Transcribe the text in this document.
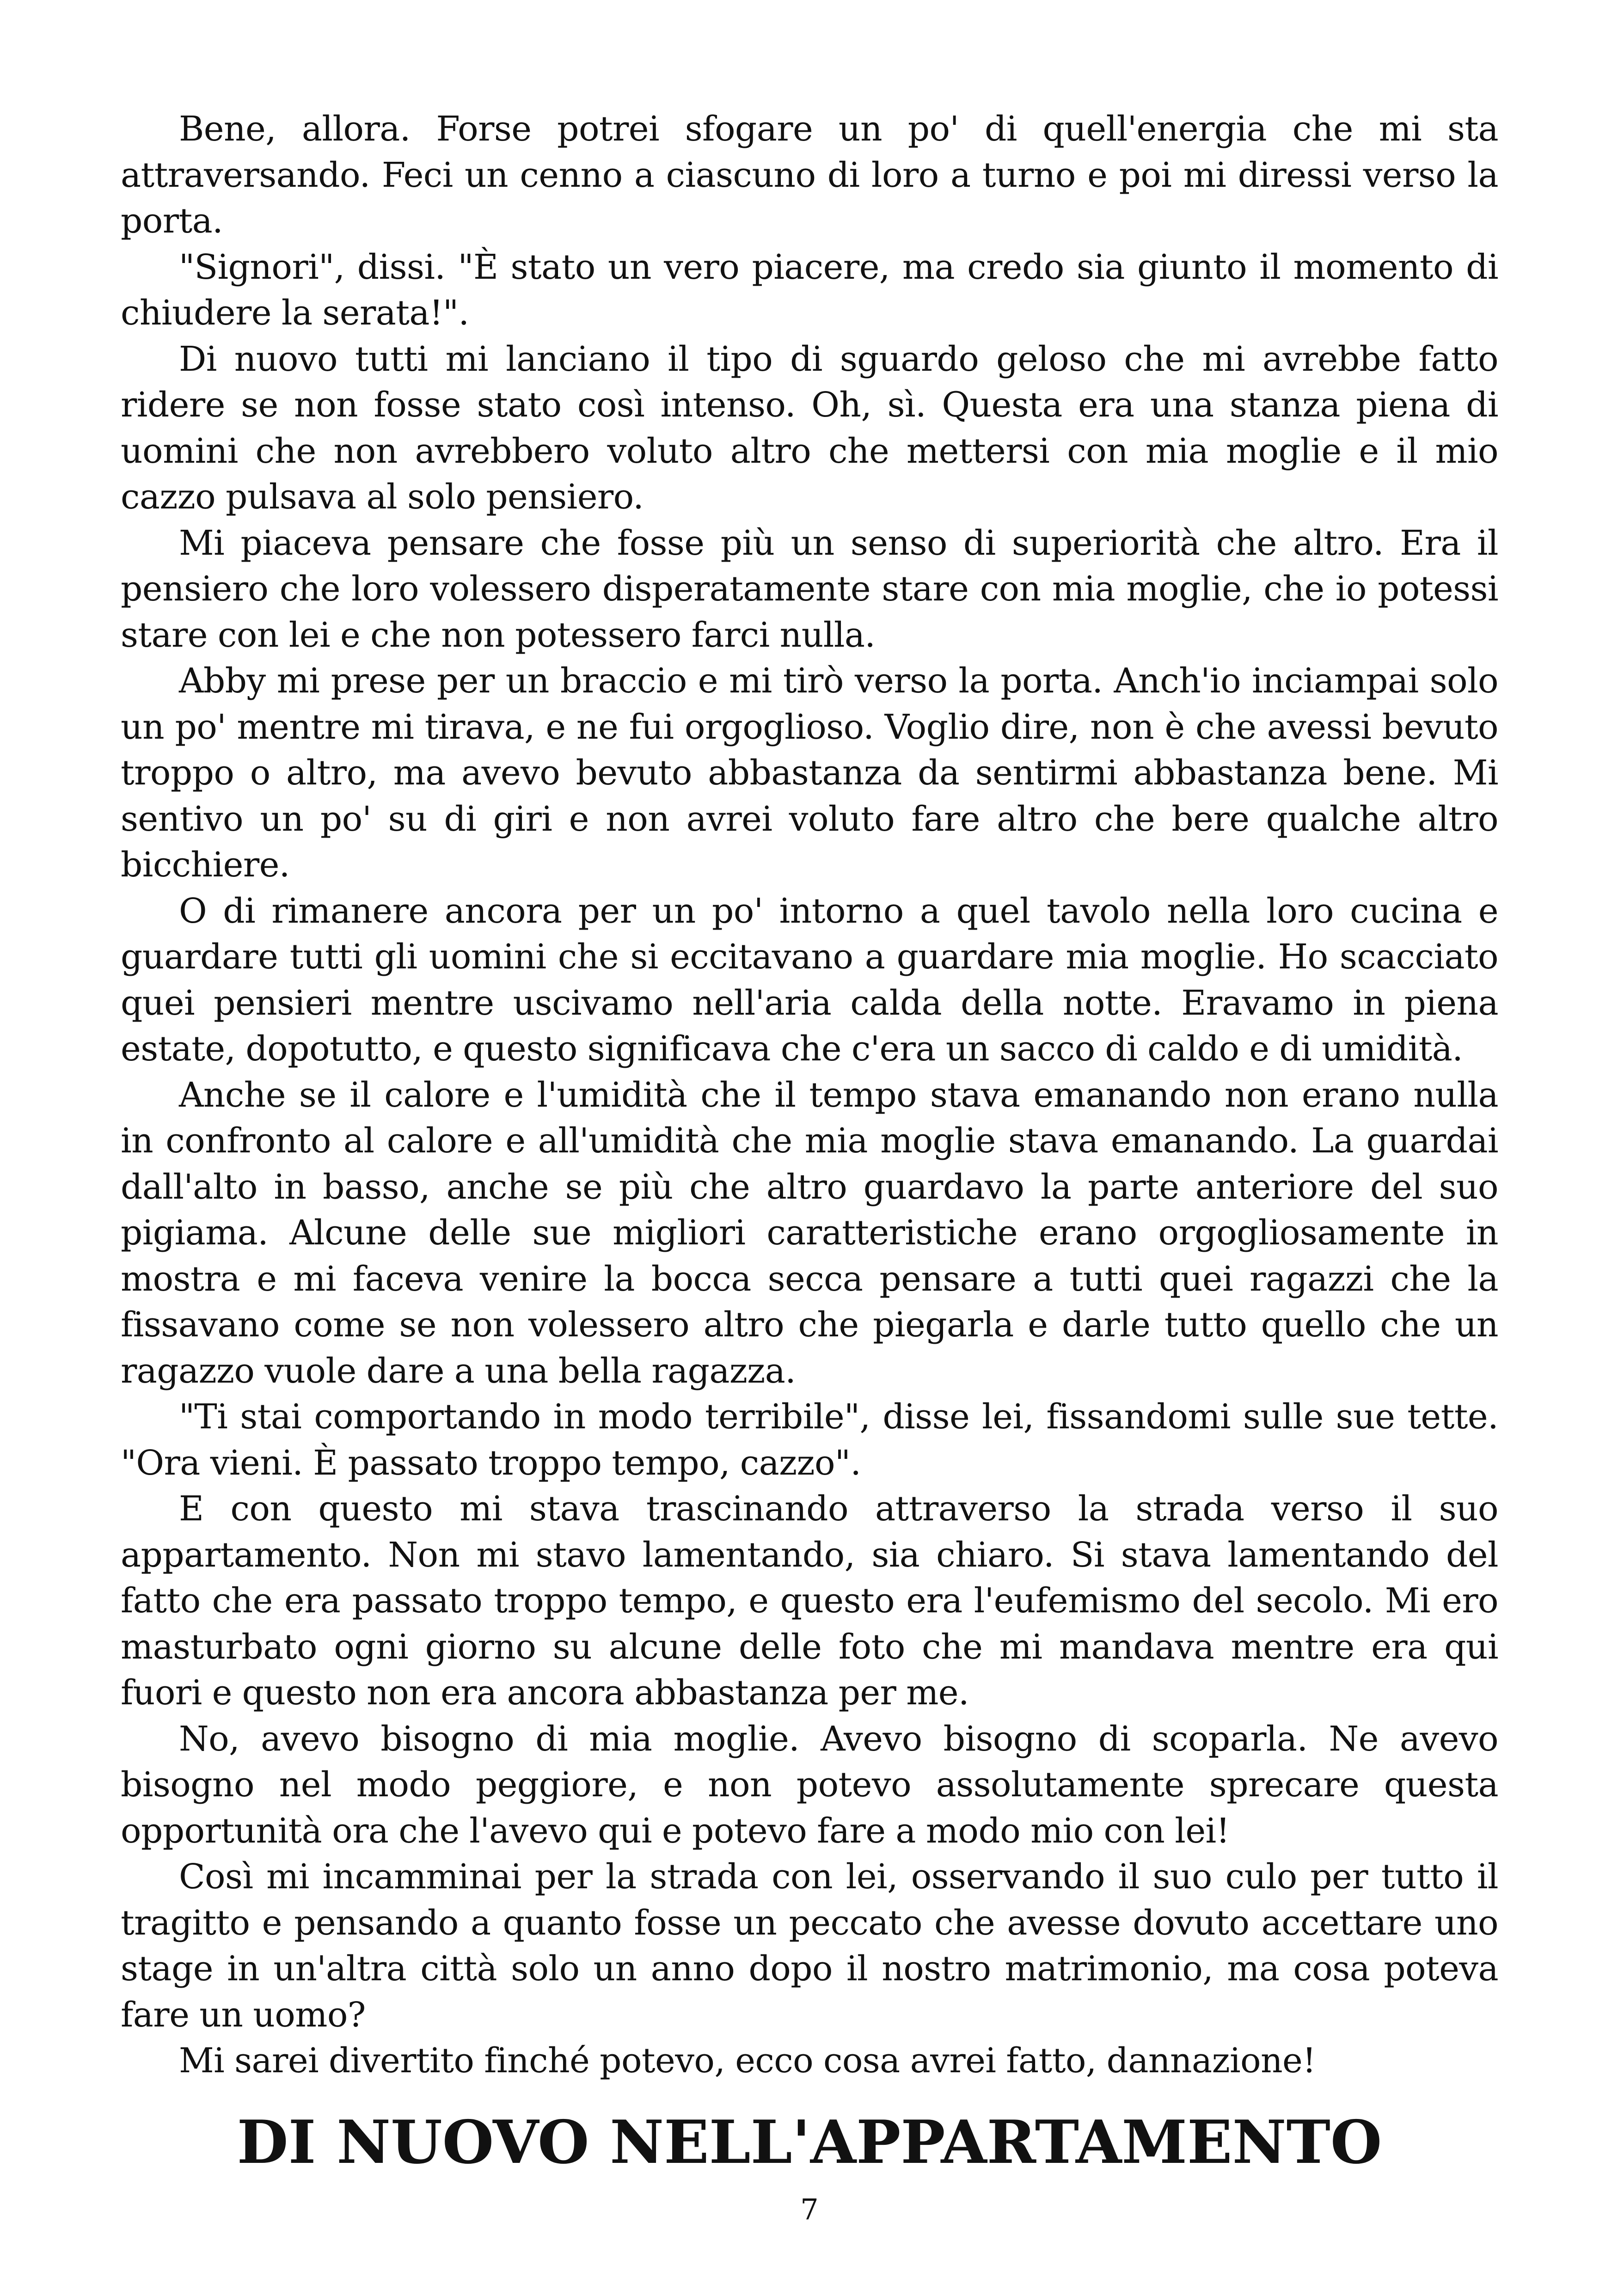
Bene, allora. Forse potrei sfogare un po' di quell'energia che mi sta attraversando. Feci un cenno a ciascuno di loro a turno e poi mi diressi verso la porta.

"Signori", dissi. "È stato un vero piacere, ma credo sia giunto il momento di chiudere la serata!".

Di nuovo tutti mi lanciano il tipo di sguardo geloso che mi avrebbe fatto ridere se non fosse stato così intenso. Oh, sì. Questa era una stanza piena di uomini che non avrebbero voluto altro che mettersi con mia moglie e il mio cazzo pulsava al solo pensiero.

Mi piaceva pensare che fosse più un senso di superiorità che altro. Era il pensiero che loro volessero disperatamente stare con mia moglie, che io potessi stare con lei e che non potessero farci nulla.

Abby mi prese per un braccio e mi tirò verso la porta. Anch'io inciampai solo un po' mentre mi tirava, e ne fui orgoglioso. Voglio dire, non è che avessi bevuto troppo o altro, ma avevo bevuto abbastanza da sentirmi abbastanza bene. Mi sentivo un po' su di giri e non avrei voluto fare altro che bere qualche altro bicchiere.

O di rimanere ancora per un po' intorno a quel tavolo nella loro cucina e guardare tutti gli uomini che si eccitavano a guardare mia moglie. Ho scacciato quei pensieri mentre uscivamo nell'aria calda della notte. Eravamo in piena estate, dopotutto, e questo significava che c'era un sacco di caldo e di umidità.

Anche se il calore e l'umidità che il tempo stava emanando non erano nulla in confronto al calore e all'umidità che mia moglie stava emanando. La guardai dall'alto in basso, anche se più che altro guardavo la parte anteriore del suo pigiama. Alcune delle sue migliori caratteristiche erano orgogliosamente in mostra e mi faceva venire la bocca secca pensare a tutti quei ragazzi che la fissavano come se non volessero altro che piegarla e darle tutto quello che un ragazzo vuole dare a una bella ragazza.

"Ti stai comportando in modo terribile", disse lei, fissandomi sulle sue tette. "Ora vieni. È passato troppo tempo, cazzo".

E con questo mi stava trascinando attraverso la strada verso il suo appartamento. Non mi stavo lamentando, sia chiaro. Si stava lamentando del fatto che era passato troppo tempo, e questo era l'eufemismo del secolo. Mi ero masturbato ogni giorno su alcune delle foto che mi mandava mentre era qui fuori e questo non era ancora abbastanza per me.

No, avevo bisogno di mia moglie. Avevo bisogno di scoparla. Ne avevo bisogno nel modo peggiore, e non potevo assolutamente sprecare questa opportunità ora che l'avevo qui e potevo fare a modo mio con lei!

Così mi incamminai per la strada con lei, osservando il suo culo per tutto il tragitto e pensando a quanto fosse un peccato che avesse dovuto accettare uno stage in un'altra città solo un anno dopo il nostro matrimonio, ma cosa poteva fare un uomo?

Mi sarei divertito finché potevo, ecco cosa avrei fatto, dannazione!

DI NUOVO NELL'APPARTAMENTO
7
